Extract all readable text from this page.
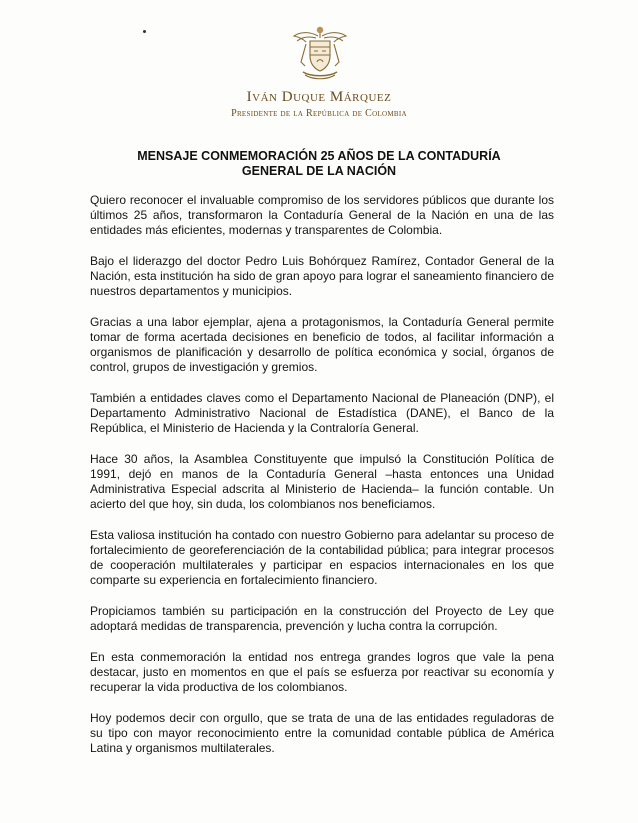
Iván Duque Márquez
Presidente de la República de Colombia
MENSAJE CONMEMORACIÓN 25 AÑOS DE LA CONTADURÍA
GENERAL DE LA NACIÓN

Quiero reconocer el invaluable compromiso de los servidores públicos que durante los últimos 25 años, transformaron la Contaduría General de la Nación en una de las entidades más eficientes, modernas y transparentes de Colombia.

Bajo el liderazgo del doctor Pedro Luis Bohórquez Ramírez, Contador General de la Nación, esta institución ha sido de gran apoyo para lograr el saneamiento financiero de nuestros departamentos y municipios.

Gracias a una labor ejemplar, ajena a protagonismos, la Contaduría General permite tomar de forma acertada decisiones en beneficio de todos, al facilitar información a organismos de planificación y desarrollo de política económica y social, órganos de control, grupos de investigación y gremios.

También a entidades claves como el Departamento Nacional de Planeación (DNP), el Departamento Administrativo Nacional de Estadística (DANE), el Banco de la República, el Ministerio de Hacienda y la Contraloría General.

Hace 30 años, la Asamblea Constituyente que impulsó la Constitución Política de 1991, dejó en manos de la Contaduría General –hasta entonces una Unidad Administrativa Especial adscrita al Ministerio de Hacienda– la función contable. Un acierto del que hoy, sin duda, los colombianos nos beneficiamos.

Esta valiosa institución ha contado con nuestro Gobierno para adelantar su proceso de fortalecimiento de georeferenciación de la contabilidad pública; para integrar procesos de cooperación multilaterales y participar en espacios internacionales en los que comparte su experiencia en fortalecimiento financiero.

Propiciamos también su participación en la construcción del Proyecto de Ley que adoptará medidas de transparencia, prevención y lucha contra la corrupción.

En esta conmemoración la entidad nos entrega grandes logros que vale la pena destacar, justo en momentos en que el país se esfuerza por reactivar su economía y recuperar la vida productiva de los colombianos.

Hoy podemos decir con orgullo, que se trata de una de las entidades reguladoras de su tipo con mayor reconocimiento entre la comunidad contable pública de América Latina y organismos multilaterales.
